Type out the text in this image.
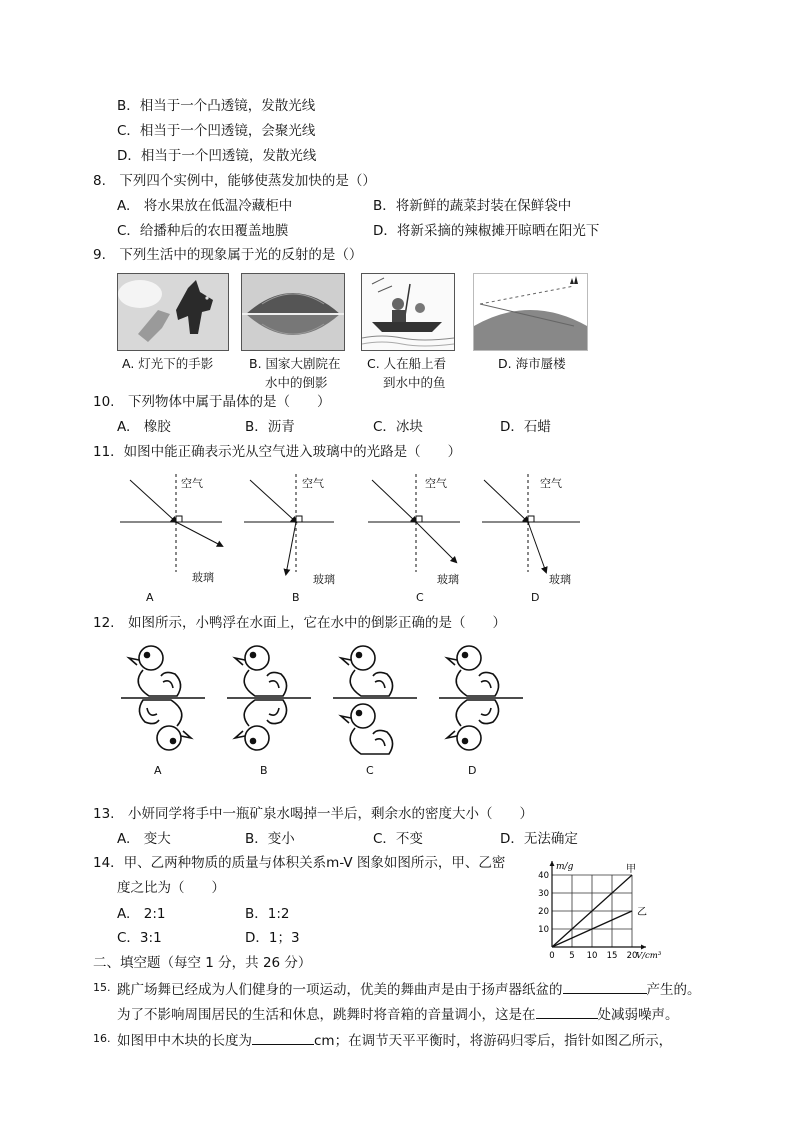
B．相当于一个凸透镜，发散光线
C．相当于一个凹透镜，会聚光线
D．相当于一个凹透镜，发散光线
8.　下列四个实例中，能够使蒸发加快的是（）
A.　将水果放在低温冷藏柜中	B．将新鲜的蔬菜封装在保鲜袋中
C．给播种后的农田覆盖地膜	D．将新采摘的辣椒摊开晾晒在阳光下
9.　下列生活中的现象属于光的反射的是（）
A. 灯光下的手影	B. 国家大剧院在
水中的倒影
C. 人在船上看
到水中的鱼
D. 海市蜃楼
10.　下列物体中属于晶体的是（　　）
A.　橡胶	B．沥青	C．冰块	D．石蜡
11．如图中能正确表示光从空气进入玻璃中的光路是（　　）
空气	空气	空气	空气
玻璃	玻璃	玻璃	玻璃
A	B	C	D
12.　如图所示，小鸭浮在水面上，它在水中的倒影正确的是（　　）
A	B	C	D
13.　小妍同学将手中一瓶矿泉水喝掉一半后，剩余水的密度大小（　　）
A.　变大	B．变小	C．不变	D．无法确定
14．甲、乙两种物质的质量与体积关系m-V 图象如图所示，甲、乙密
度之比为（　　）
A.　2:1	B．1:2
C．3:1	D．1；3
甲
乙
0 5 10 15 20
10
20
30
40
m/g
V/cm³
二、填空题（每空 1 分，共 26 分）
15. 跳广场舞已经成为人们健身的一项运动，优美的舞曲声是由于扬声器纸盆的	产生的。
为了不影响周围居民的生活和休息，跳舞时将音箱的音量调小，这是在	处减弱噪声。
16. 如图甲中木块的长度为	cm；在调节天平平衡时，将游码归零后，指针如图乙所示，
